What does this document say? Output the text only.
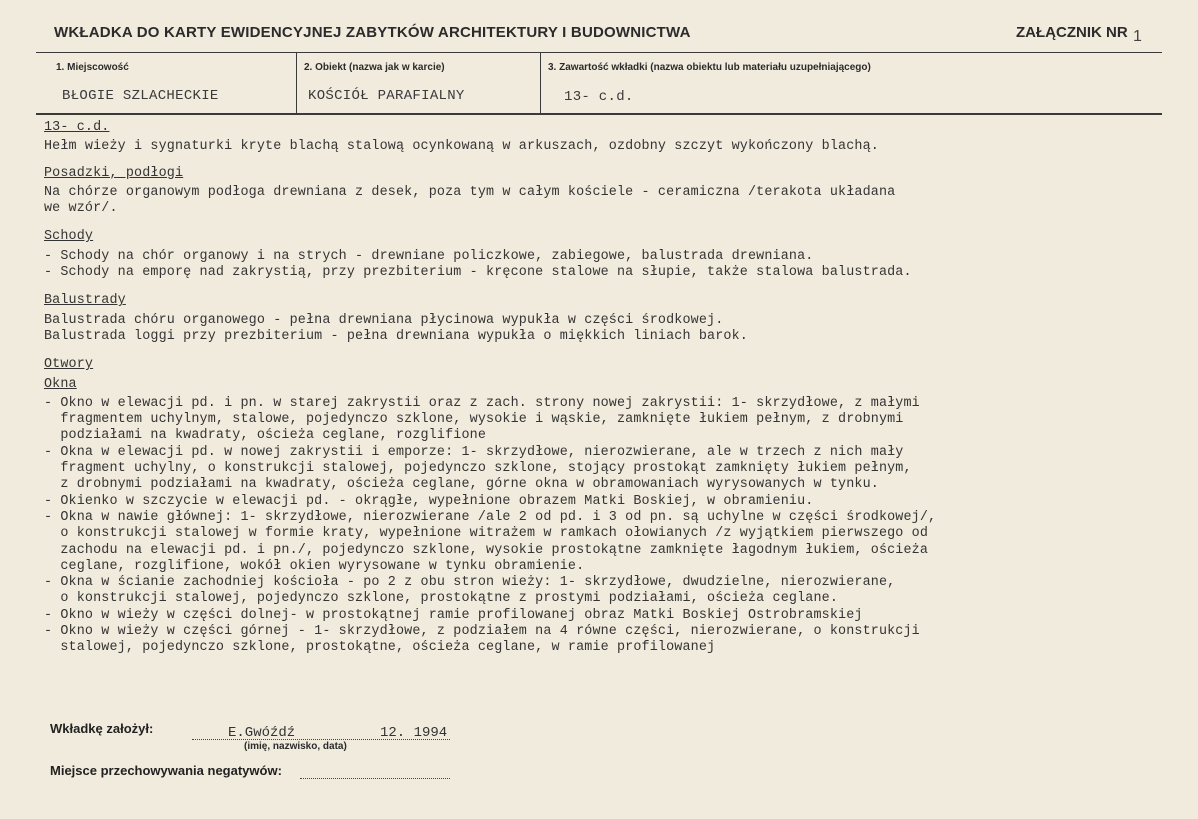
WKŁADKA DO KARTY EWIDENCYJNEJ ZABYTKÓW ARCHITEKTURY I BUDOWNICTWA	ZAŁĄCZNIK NR 1
1. Miejscowość
BŁOGIE SZLACHECKIE
2. Obiekt (nazwa jak w karcie)
KOŚCIÓŁ PARAFIALNY
3. Zawartość wkładki (nazwa obiektu lub materiału uzupełniającego)
13- c.d.

13- c.d.

Hełm wieży i sygnaturki kryte blachą stalową ocynkowaną w arkuszach, ozdobny szczyt wykończony blachą.

Posadzki, podłogi

Na chórze organowym podłoga drewniana z desek, poza tym w całym kościele - ceramiczna /terakota układana

we wzór/.

Schody

- Schody na chór organowy i na strych - drewniane policzkowe, zabiegowe, balustrada drewniana.

- Schody na emporę nad zakrystią, przy prezbiterium - kręcone stalowe na słupie, także stalowa balustrada.

Balustrady

Balustrada chóru organowego - pełna drewniana płycinowa wypukła w części środkowej.

Balustrada loggi przy prezbiterium - pełna drewniana wypukła o miękkich liniach barok.

Otwory

Okna

- Okno w elewacji pd. i pn. w starej zakrystii oraz z zach. strony nowej zakrystii: 1- skrzydłowe, z małymi

fragmentem uchylnym, stalowe, pojedynczo szklone, wysokie i wąskie, zamknięte łukiem pełnym, z drobnymi

podziałami na kwadraty, ościeża ceglane, rozglifione

- Okna w elewacji pd. w nowej zakrystii i emporze: 1- skrzydłowe, nierozwierane, ale w trzech z nich mały

fragment uchylny, o konstrukcji stalowej, pojedynczo szklone, stojący prostokąt zamknięty łukiem pełnym,

z drobnymi podziałami na kwadraty, ościeża ceglane, górne okna w obramowaniach wyrysowanych w tynku.

- Okienko w szczycie w elewacji pd. - okrągłe, wypełnione obrazem Matki Boskiej, w obramieniu.

- Okna w nawie głównej: 1- skrzydłowe, nierozwierane /ale 2 od pd. i 3 od pn. są uchylne w części środkowej/,

o konstrukcji stalowej w formie kraty, wypełnione witrażem w ramkach ołowianych /z wyjątkiem pierwszego od

zachodu na elewacji pd. i pn./, pojedynczo szklone, wysokie prostokątne zamknięte łagodnym łukiem, ościeża

ceglane, rozglifione, wokół okien wyrysowane w tynku obramienie.

- Okna w ścianie zachodniej kościoła - po 2 z obu stron wieży: 1- skrzydłowe, dwudzielne, nierozwierane,

o konstrukcji stalowej, pojedynczo szklone, prostokątne z prostymi podziałami, ościeża ceglane.

- Okno w wieży w części dolnej- w prostokątnej ramie profilowanej obraz Matki Boskiej Ostrobramskiej

- Okno w wieży w części górnej - 1- skrzydłowe, z podziałem na 4 równe części, nierozwierane, o konstrukcji

stalowej, pojedynczo szklone, prostokątne, ościeża ceglane, w ramie profilowanej

Wkładkę założył:	E.Gwóźdź	12. 1994
(imię, nazwisko, data)
Miejsce przechowywania negatywów:
